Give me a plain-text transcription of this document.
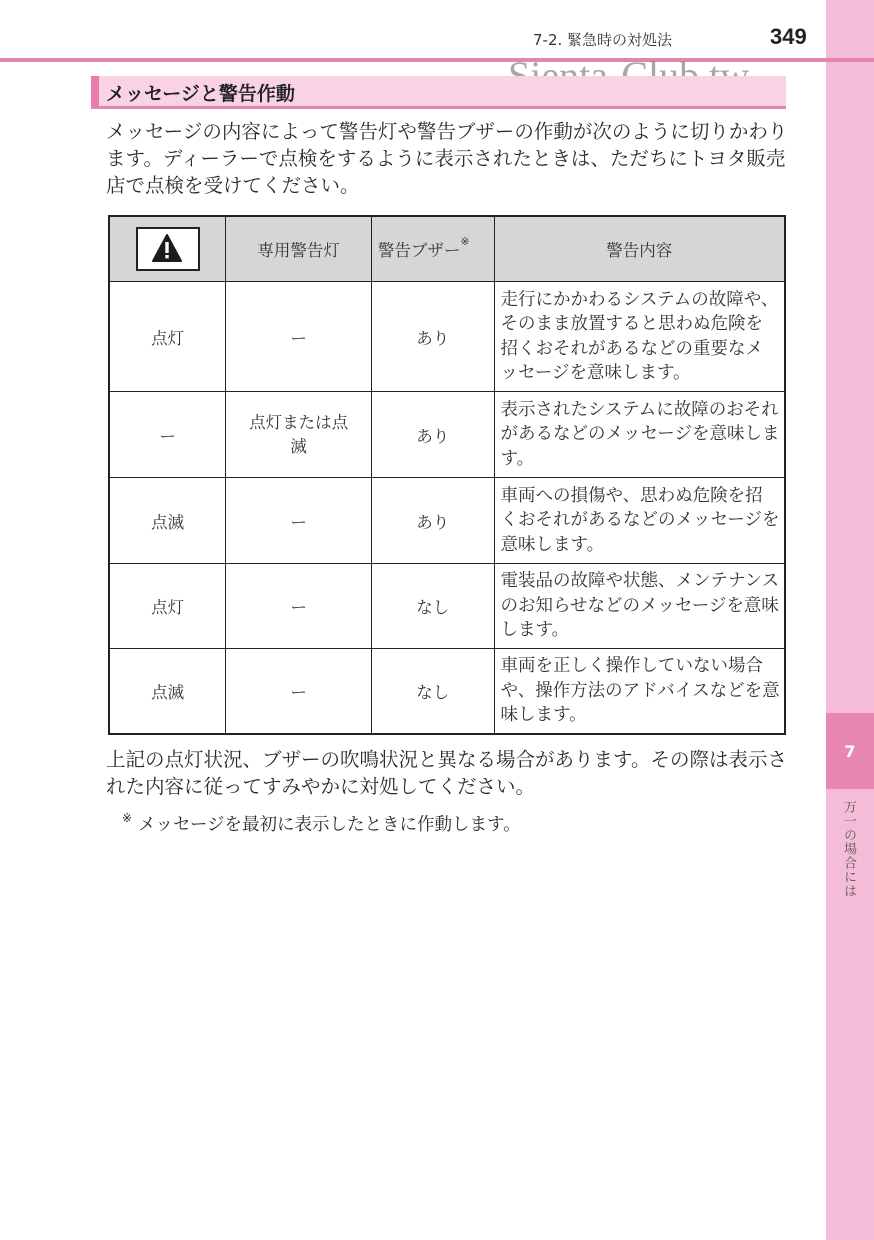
7
万一の場合には
7-2. 緊急時の対処法	349
メッセージと警告作動
メッセージの内容によって警告灯や警告ブザーの作動が次のように切りかわります。ディーラーで点検をするように表示されたときは、ただちにトヨタ販売店で点検を受けてください。
	専用警告灯	警告ブザー※	警告内容
点灯	ー	あり	走行にかかわるシステムの故障や、そのまま放置すると思わぬ危険を招くおそれがあるなどの重要なメッセージを意味します。
ー	点灯または点滅	あり	表示されたシステムに故障のおそれがあるなどのメッセージを意味します。
点滅	ー	あり	車両への損傷や、思わぬ危険を招くおそれがあるなどのメッセージを意味します。
点灯	ー	なし	電装品の故障や状態、メンテナンスのお知らせなどのメッセージを意味します。
点滅	ー	なし	車両を正しく操作していない場合や、操作方法のアドバイスなどを意味します。
上記の点灯状況、ブザーの吹鳴状況と異なる場合があります。その際は表示された内容に従ってすみやかに対処してください。
※ メッセージを最初に表示したときに作動します。
